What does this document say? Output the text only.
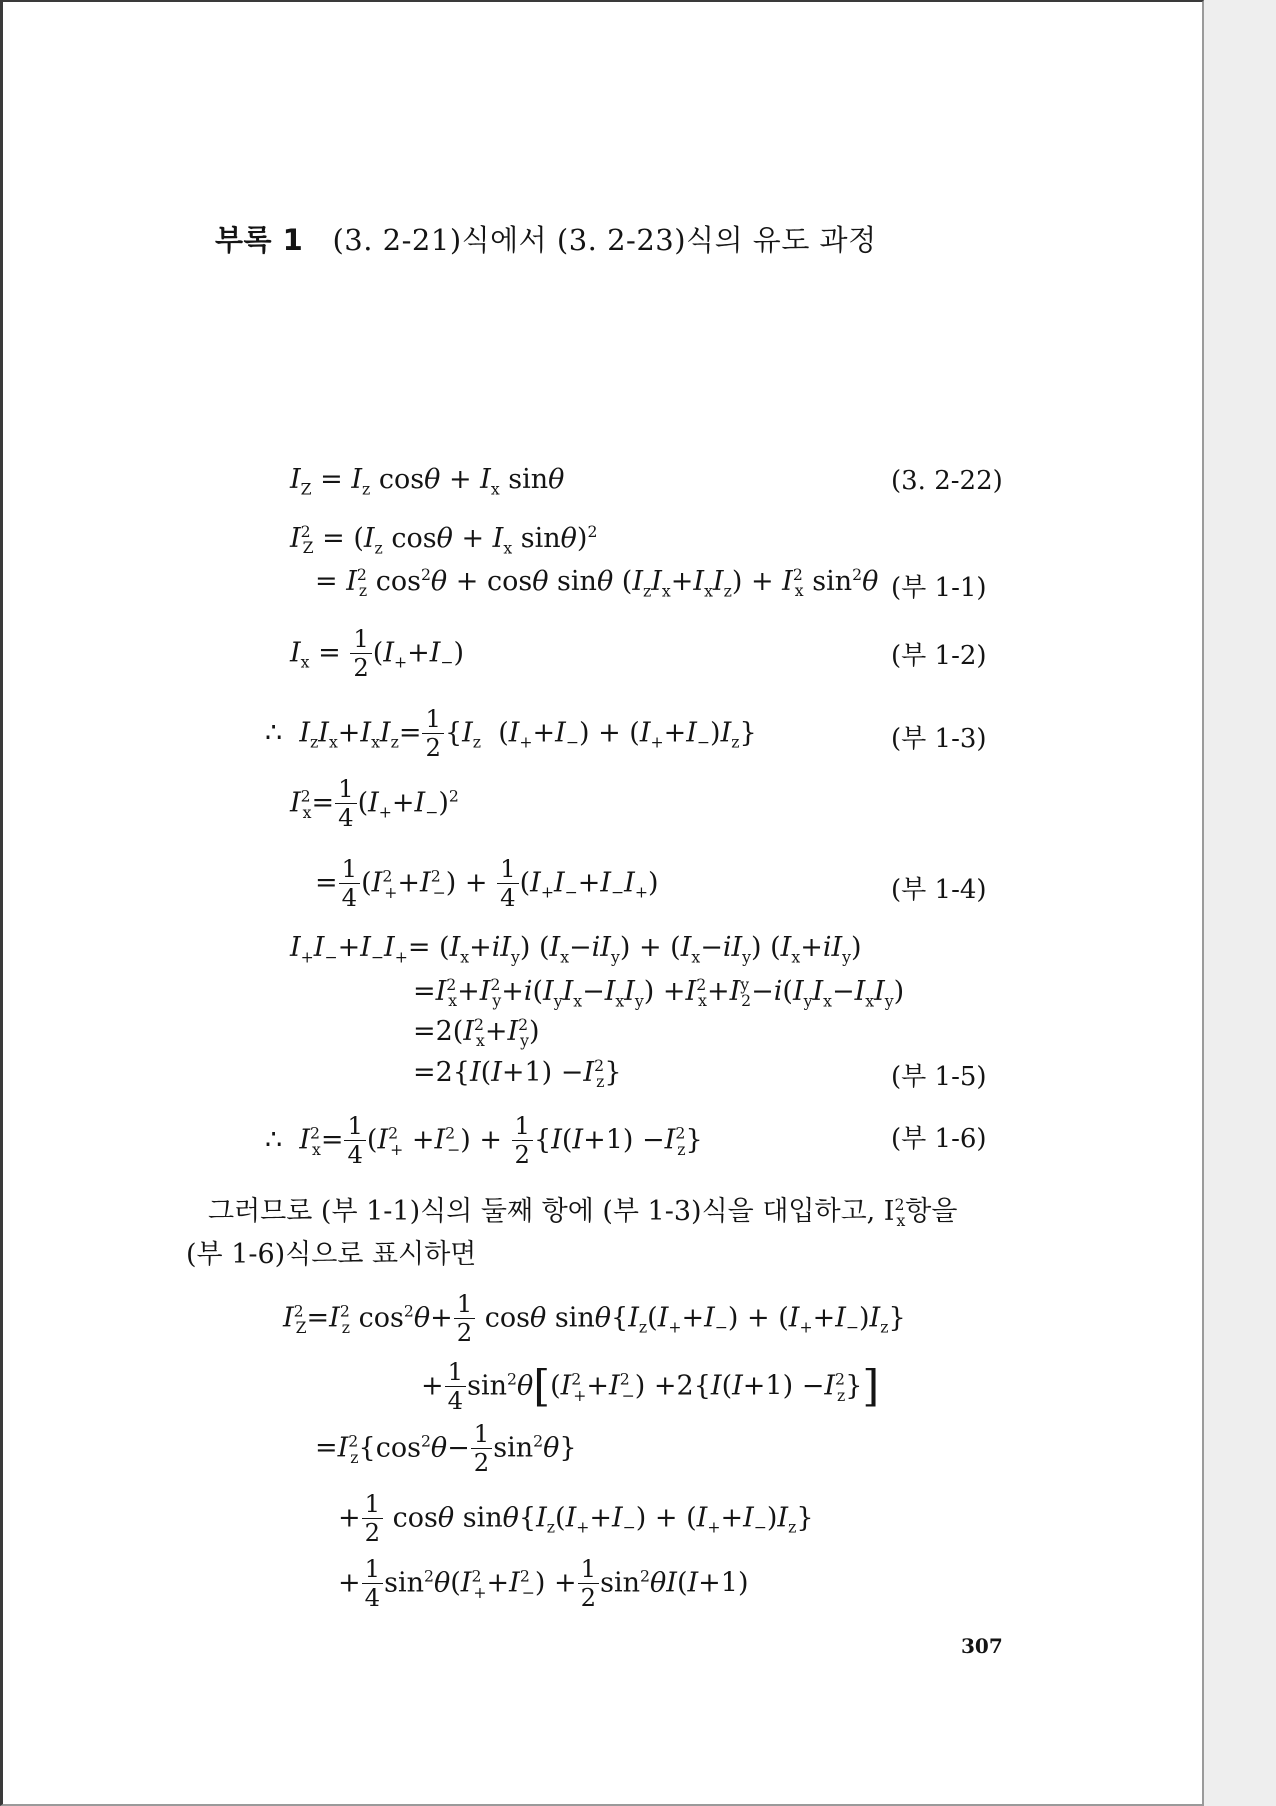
부록 1   (3. 2-21)식에서 (3. 2-23)식의 유도 과정
$I_Z = I_z$ $\cos\theta + I_x$ sinθ	(3. 2-22)
$I^2_Z = (I_z$ $\cos\theta + I_x$ sinθ)$^2$
= $I^2_z$ $\cos^2\theta + \cos\theta$ sinθ $(I_zI_x+I_xI_z) + I^2_x$ $\sin^2\theta$ (부 1-1)
$I_x = \frac{1}{2} (I_++I_-)$	(부 1-2)
∴  $I_zI_x+I_xI_z= \frac{1}{2} \{I_z$  $(I_++I_-) + (I_++I_-)I_z$}	(부 1-3)
$I^2_x= \frac{1}{4} (I_++I_-)^2$
= $\frac{1}{4} (I^2_++I^2_-) + \frac{1}{4} (I_+I_-+I_-I_+)$	(부 1-4)
$I_+I_-+I_-I_+= (I_x+iI_y) (I_x-iI_y) + (I_x-iI_y)$ $(I_x+iI_y)$
$=I^2_x+I^2_y+i(I_yI_x-I_xI_y) +I^2_x+I^y_2-i(I_yI_x-I_xI_y)$
$=2(I^2_x+I^2_y)$
$=2\{I(I+1) -I^2_z\}$	(부 1-5)
∴  $I^2_x= \frac{1}{4} (I^2_+ +I^2_-) + \frac{1}{2} \{I(I+1) -I^2_z\}$	(부 1-6)
그러므로 (부 1-1)식의 둘째 항에 (부 1-3)식을 대입하고, $I^2_x$항을
(부 1-6)식으로 표시하면
$I^2_Z=I^2_z$ $\cos^2\theta+ \frac{1}{2}$ cosθ $\sin\theta\{I_z(I_++I_-) + (I_++I_-)I_z\}$
+ $\frac{1}{4} \sin^2\theta[(I^2_++I^2_-) +2\{I(I+1) -I^2_z\}]$
$=I^2_z\{\cos^2\theta- \frac{1}{2} \sin^2\theta\}$
+ $\frac{1}{2}$ cosθ $\sin\theta\{I_z(I_++I_-) + (I_++I_-)I_z\}$
+ $\frac{1}{4} \sin^2\theta(I^2_++I^2_-) + \frac{1}{2} \sin^2\theta I(I+1)$
307
